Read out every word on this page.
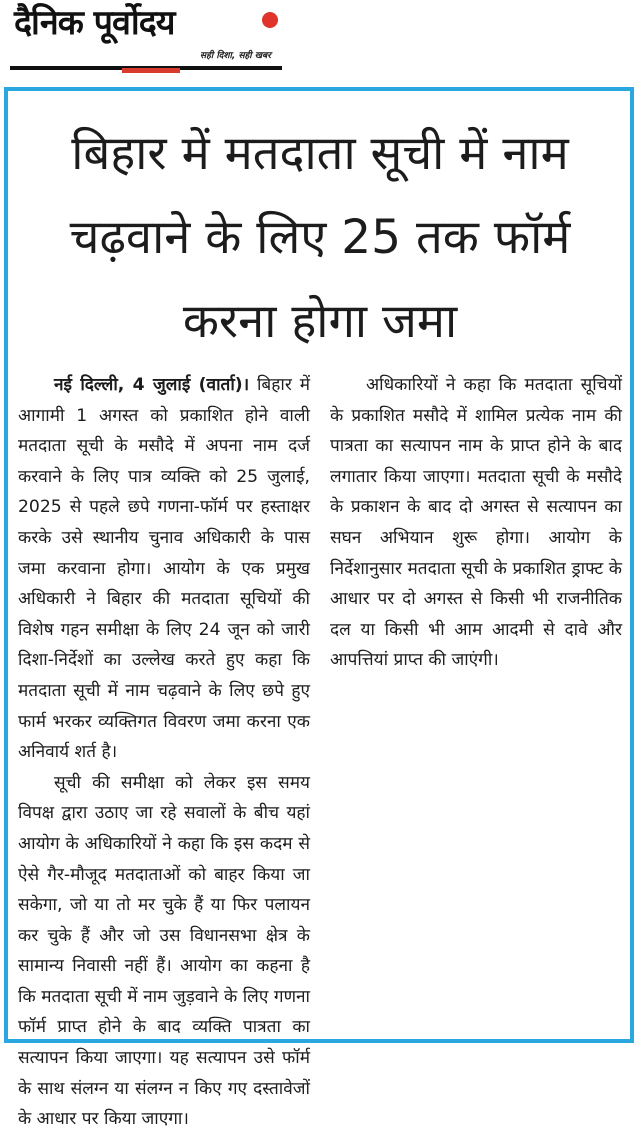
दैनिक पूर्वोदय
सही दिशा, सही खबर
बिहार में मतदाता सूची में नाम चढ़वाने के लिए 25 तक फॉर्म करना होगा जमा

नई दिल्ली, 4 जुलाई (वार्ता)। बिहार में आगामी 1 अगस्त को प्रकाशित होने वाली मतदाता सूची के मसौदे में अपना नाम दर्ज करवाने के लिए पात्र व्यक्ति को 25 जुलाई, 2025 से पहले छपे गणना-फॉर्म पर हस्ताक्षर करके उसे स्थानीय चुनाव अधिकारी के पास जमा करवाना होगा। आयोग के एक प्रमुख अधिकारी ने बिहार की मतदाता सूचियों की विशेष गहन समीक्षा के लिए 24 जून को जारी दिशा-निर्देशों का उल्लेख करते हुए कहा कि मतदाता सूची में नाम चढ़वाने के लिए छपे हुए फार्म भरकर व्यक्तिगत विवरण जमा करना एक अनिवार्य शर्त है।

सूची की समीक्षा को लेकर इस समय विपक्ष द्वारा उठाए जा रहे सवालों के बीच यहां आयोग के अधिकारियों ने कहा कि इस कदम से ऐसे गैर-मौजूद मतदाताओं को बाहर किया जा सकेगा, जो या तो मर चुके हैं या फिर पलायन कर चुके हैं और जो उस विधानसभा क्षेत्र के सामान्य निवासी नहीं हैं। आयोग का कहना है कि मतदाता सूची में नाम जुड़वाने के लिए गणना फॉर्म प्राप्त होने के बाद व्यक्ति पात्रता का सत्यापन किया जाएगा। यह सत्यापन उसे फॉर्म के साथ संलग्न या संलग्न न किए गए दस्तावेजों के आधार पर किया जाएगा।

अधिकारियों ने कहा कि मतदाता सूचियों के प्रकाशित मसौदे में शामिल प्रत्येक नाम की पात्रता का सत्यापन नाम के प्राप्त होने के बाद लगातार किया जाएगा। मतदाता सूची के मसौदे के प्रकाशन के बाद दो अगस्त से सत्यापन का सघन अभियान शुरू होगा। आयोग के निर्देशानुसार मतदाता सूची के प्रकाशित ड्राफ्ट के आधार पर दो अगस्त से किसी भी राजनीतिक दल या किसी भी आम आदमी से दावे और आपत्तियां प्राप्त की जाएंगी।
